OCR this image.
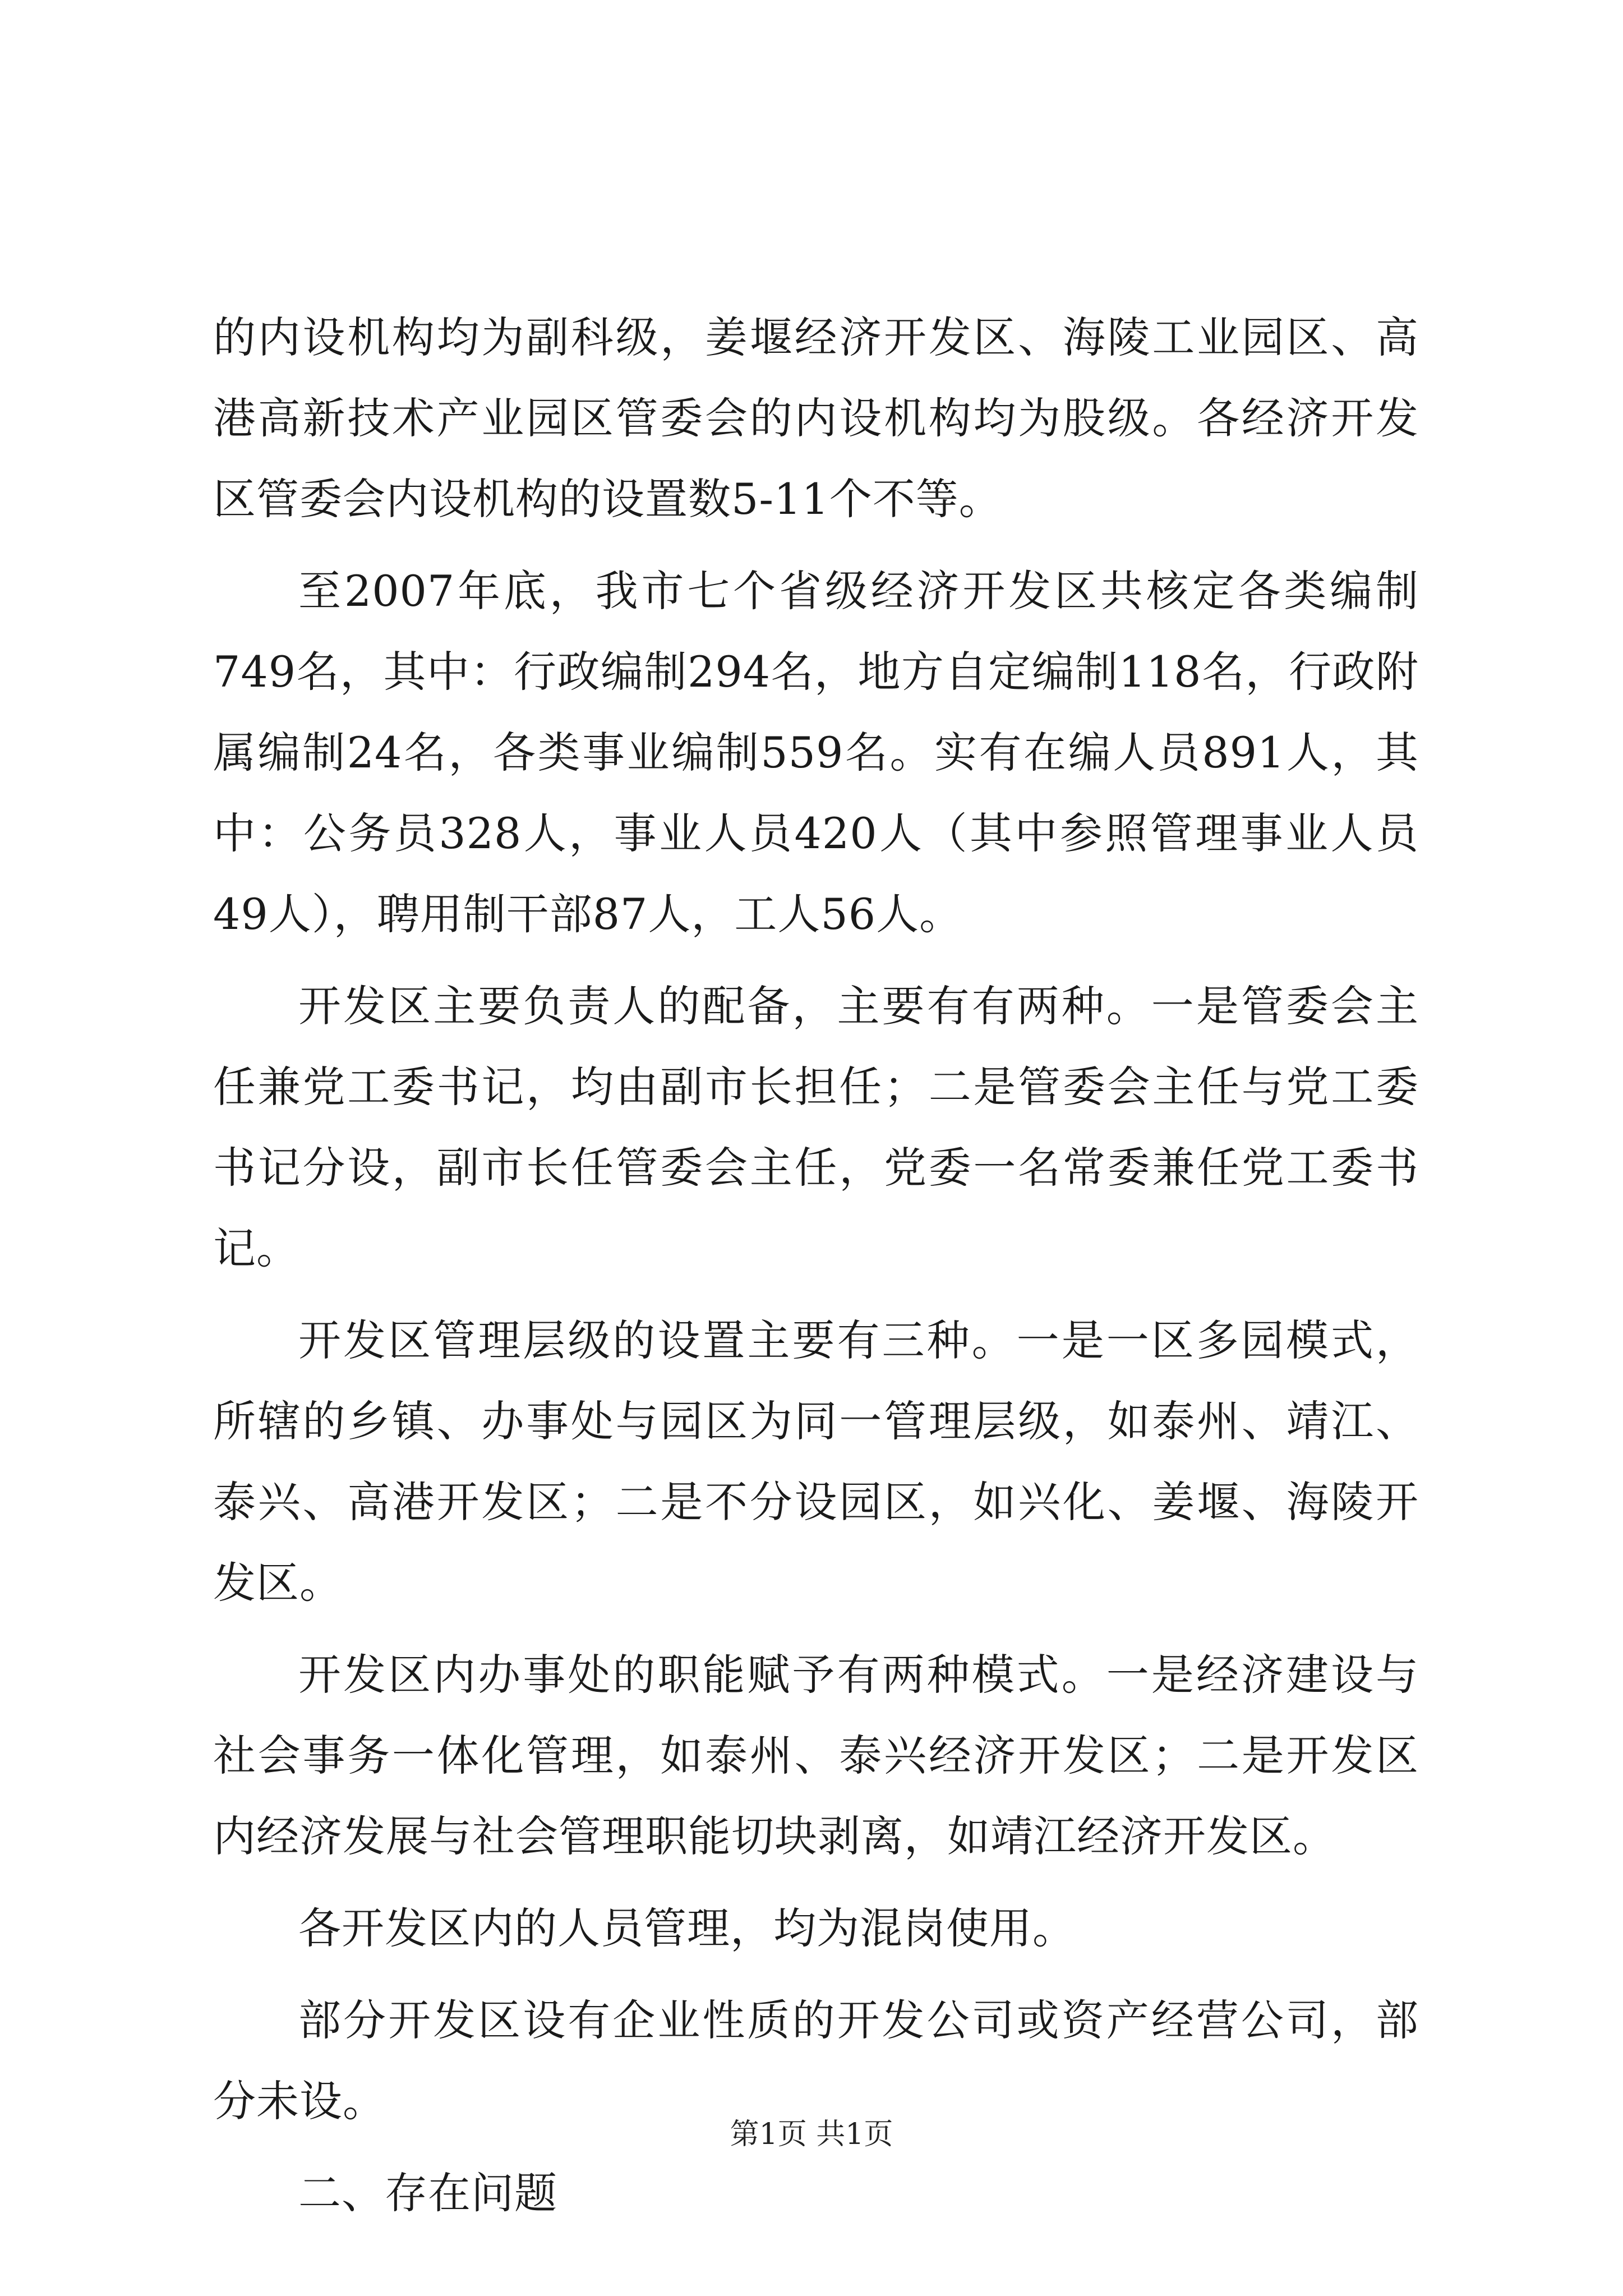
的内设机构均为副科级，姜堰经济开发区、海陵工业园区、高港高新技术产业园区管委会的内设机构均为股级。各经济开发区管委会内设机构的设置数5-11个不等。

至2007年底，我市七个省级经济开发区共核定各类编制749名，其中：行政编制294名，地方自定编制118名，行政附属编制24名，各类事业编制559名。实有在编人员891人，其中：公务员328人，事业人员420人（其中参照管理事业人员49人），聘用制干部87人，工人56人。

开发区主要负责人的配备，主要有有两种。一是管委会主任兼党工委书记，均由副市长担任；二是管委会主任与党工委书记分设，副市长任管委会主任，党委一名常委兼任党工委书记。

开发区管理层级的设置主要有三种。一是一区多园模式，所辖的乡镇、办事处与园区为同一管理层级，如泰州、靖江、泰兴、高港开发区；二是不分设园区，如兴化、姜堰、海陵开发区。

开发区内办事处的职能赋予有两种模式。一是经济建设与社会事务一体化管理，如泰州、泰兴经济开发区；二是开发区内经济发展与社会管理职能切块剥离，如靖江经济开发区。

各开发区内的人员管理，均为混岗使用。

部分开发区设有企业性质的开发公司或资产经营公司，部分未设。

二、存在问题

第1页 共1页
